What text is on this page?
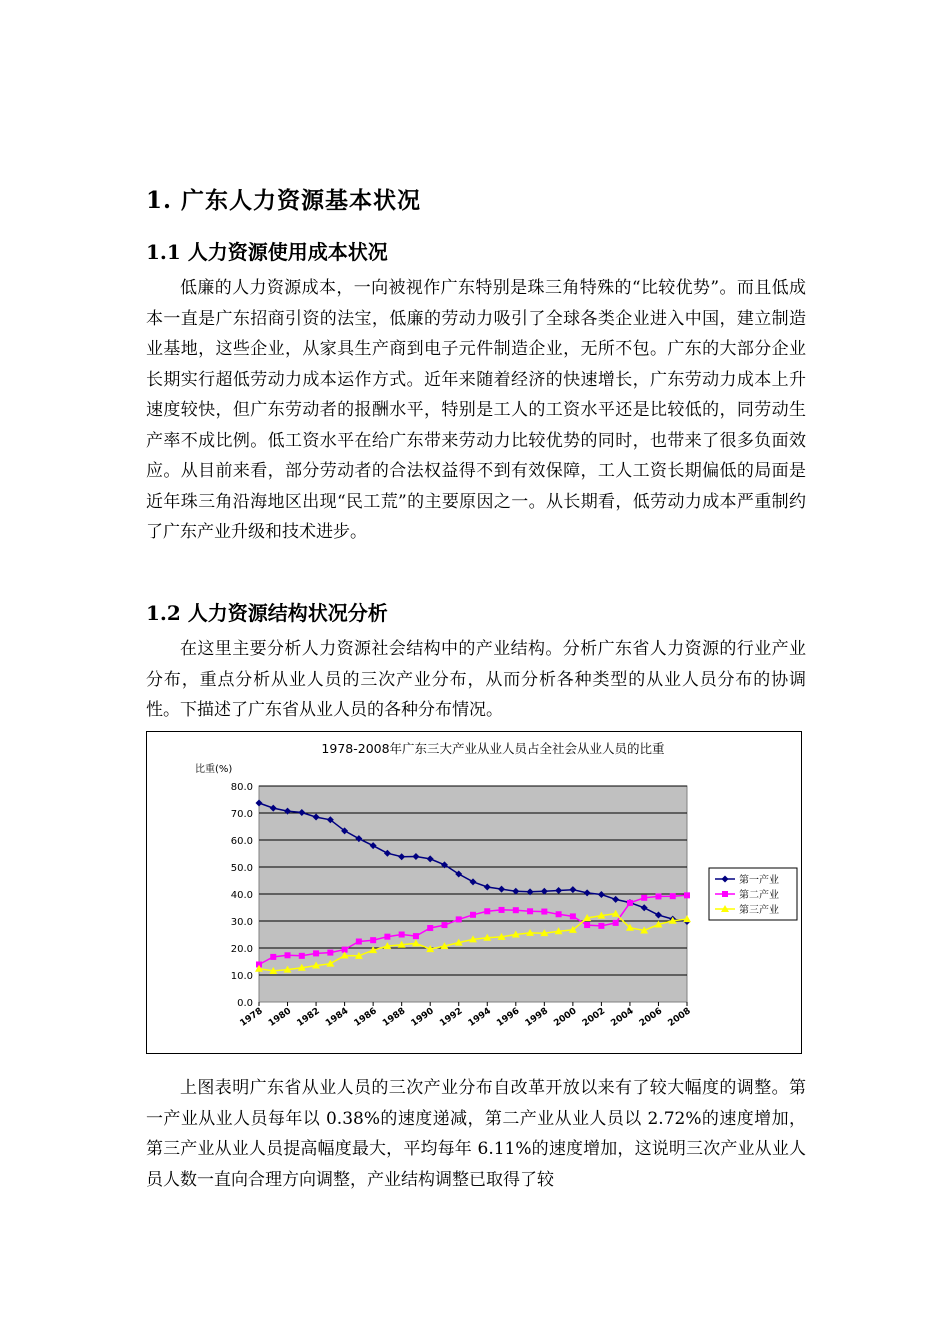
1. 广东人力资源基本状况
1.1 人力资源使用成本状况

低廉的人力资源成本，一向被视作广东特别是珠三角特殊的“比较优势”。而且低成本一直是广东招商引资的法宝，低廉的劳动力吸引了全球各类企业进入中国，建立制造业基地，这些企业，从家具生产商到电子元件制造企业，无所不包。广东的大部分企业长期实行超低劳动力成本运作方式。近年来随着经济的快速增长，广东劳动力成本上升速度较快，但广东劳动者的报酬水平，特别是工人的工资水平还是比较低的，同劳动生产率不成比例。低工资水平在给广东带来劳动力比较优势的同时，也带来了很多负面效应。从目前来看，部分劳动者的合法权益得不到有效保障，工人工资长期偏低的局面是近年珠三角沿海地区出现“民工荒”的主要原因之一。从长期看，低劳动力成本严重制约了广东产业升级和技术进步。

1.2 人力资源结构状况分析

在这里主要分析人力资源社会结构中的产业结构。分析广东省人力资源的行业产业分布，重点分析从业人员的三次产业分布，从而分析各种类型的从业人员分布的协调性。下描述了广东省从业人员的各种分布情况。

1978-2008年广东三大产业从业人员占全社会从业人员的比重
比重(%)
0.0
10.0
20.0
30.0
40.0
50.0
60.0
70.0
80.0
1978 1980 1982 1984 1986 1988 1990 1992 1994 1996 1998 2000 2002 2004 2006 2008
第一产业
第二产业
第三产业

上图表明广东省从业人员的三次产业分布自改革开放以来有了较大幅度的调整。第一产业从业人员每年以 0.38%的速度递减，第二产业从业人员以 2.72%的速度增加，第三产业从业人员提高幅度最大，平均每年 6.11%的速度增加，这说明三次产业从业人员人数一直向合理方向调整，产业结构调整已取得了较
